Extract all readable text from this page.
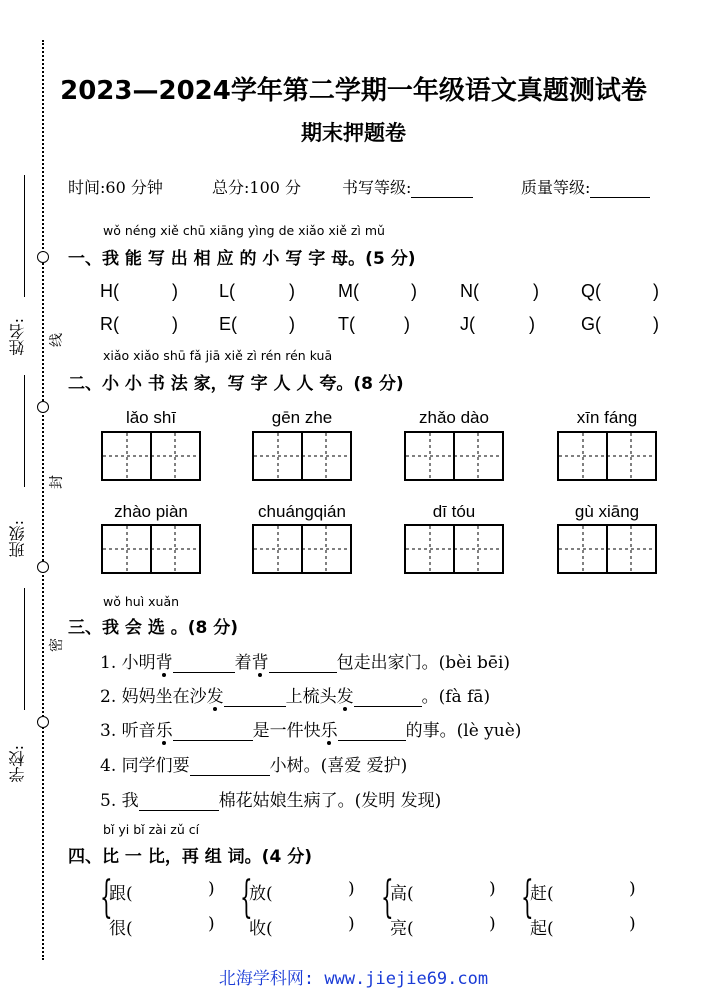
线
封
密
姓名:
班级:
学校:
2023—2024学年第二学期一年级语文真题测试卷
期末押题卷
时间:60 分钟	总分:100 分	书写等级:	质量等级:
wǒ néng xiě chū xiāng yìng de xiǎo xiě zì mǔ
一、我 能 写 出 相 应 的 小 写 字 母。(5 分)
H(	) L(	) M(	) N(	) Q(	)
R(	) E(	) T(	)	J(	)	G(	)
xiǎo xiǎo shū fǎ jiā xiě zì rén rén kuā
二、小 小 书 法 家，写 字 人 人 夸。(8 分)
lǎo shī	gēn zhe	zhǎo dào	xīn fáng
zhào piàn	chuángqián	dī tóu	gù xiāng
wǒ huì xuǎn
三、我 会 选 。(8 分)
1. 小明背	着背	包走出家门。(bèi bēi)
2. 妈妈坐在沙发	上梳头发	。(fà fā)
3. 听音乐	是一件快乐	的事。(lè yuè)
4. 同学们要	小树。(喜爱 爱护)
5. 我	棉花姑娘生病了。(发明 发现)
bǐ yi bǐ zài zǔ cí
四、比 一 比，再 组 词。(4 分)
{
跟(	)
很(	)
{
放(	)
收(	)
{
高(	)
亮(	)
{
赶(	)
起(	)
北海学科网: www.jiejie69.com
